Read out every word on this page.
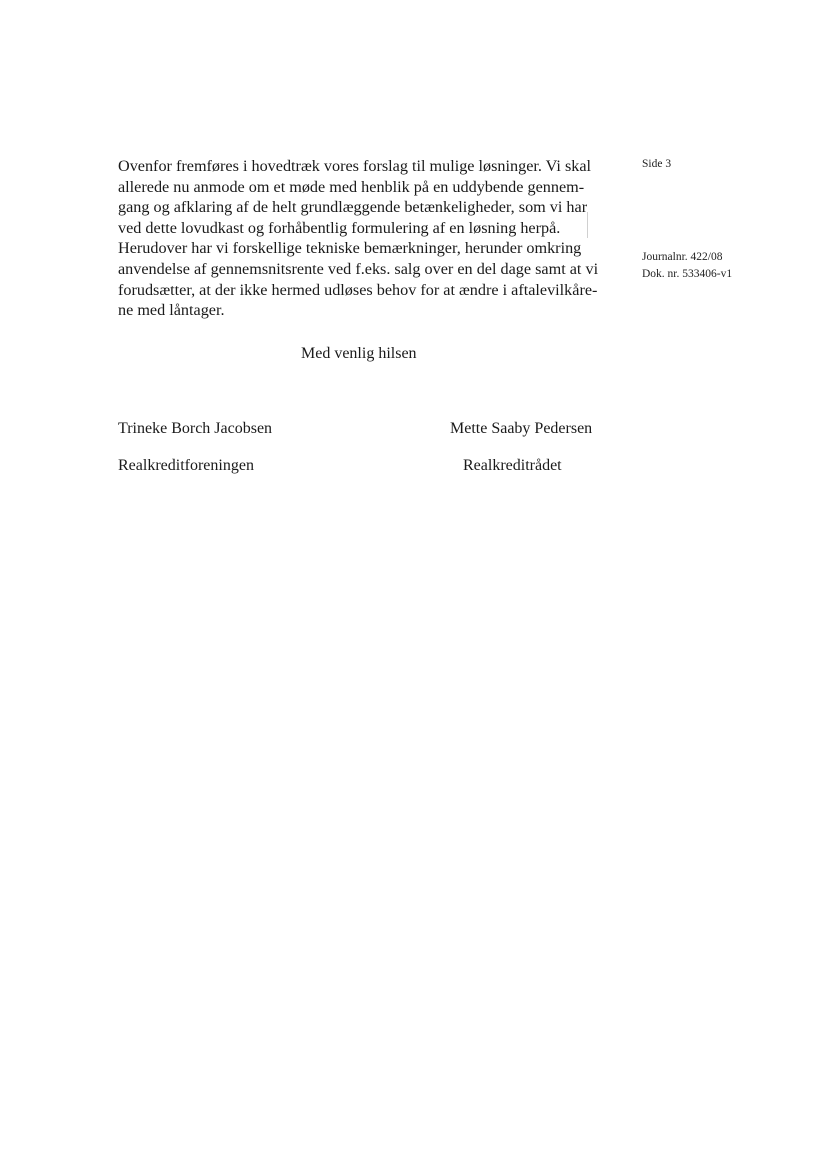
Ovenfor fremføres i hovedtræk vores forslag til mulige løsninger. Vi skal
allerede nu anmode om et møde med henblik på en uddybende gennem-
gang og afklaring af de helt grundlæggende betænkeligheder, som vi har
ved dette lovudkast og forhåbentlig formulering af en løsning herpå.
Herudover har vi forskellige tekniske bemærkninger, herunder omkring
anvendelse af gennemsnitsrente ved f.eks. salg over en del dage samt at vi
forudsætter, at der ikke hermed udløses behov for at ændre i aftalevilkåre-
ne med låntager.

Side 3
Journalnr. 422/08
Dok. nr. 533406-v1
Med venlig hilsen
Trineke Borch Jacobsen
Realkreditforeningen
Mette Saaby Pedersen
Realkreditrådet
